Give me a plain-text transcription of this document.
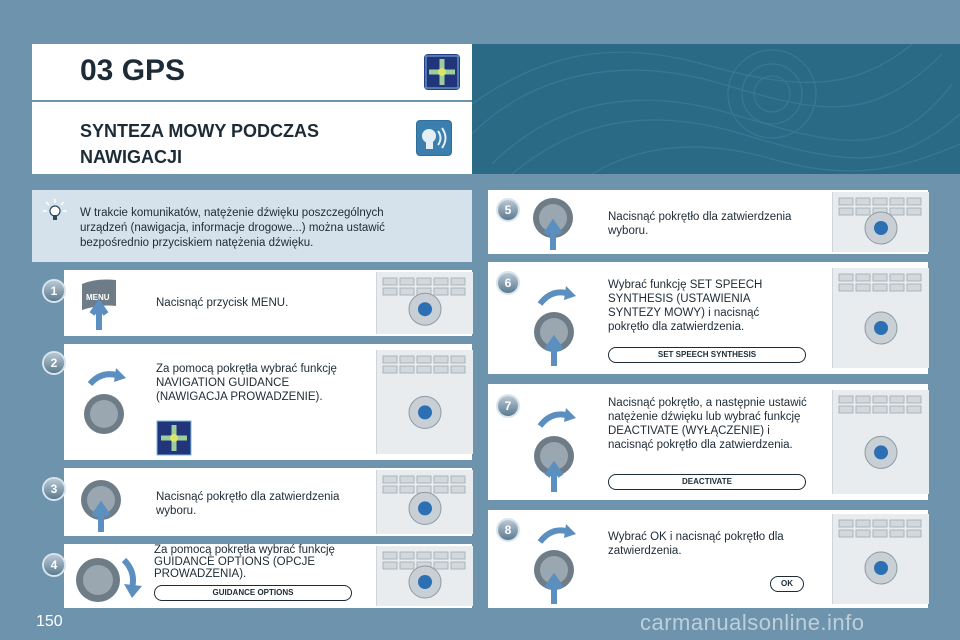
03 GPS
SYNTEZA MOWY PODCZAS NAWIGACJI
W trakcie komunikatów, natężenie dźwięku poszczególnych urządzeń (nawigacja, informacje drogowe...) można ustawić bezpośrednio przyciskiem natężenia dźwięku.
MENU	Nacisnąć przycisk MENU.
1
Za pomocą pokrętła wybrać funkcję NAVIGATION GUIDANCE (NAWIGACJA PROWADZENIE).
2
Nacisnąć pokrętło dla zatwierdzenia wyboru.
3
Za pomocą pokrętła wybrać funkcję GUIDANCE OPTIONS (OPCJE PROWADZENIA).
GUIDANCE OPTIONS
4
Nacisnąć pokrętło dla zatwierdzenia wyboru.
5
Wybrać funkcję SET SPEECH SYNTHESIS (USTAWIENIA SYNTEZY MOWY) i nacisnąć pokrętło dla zatwierdzenia.
SET SPEECH SYNTHESIS
6
Nacisnąć pokrętło, a następnie ustawić natężenie dźwięku lub wybrać funkcję DEACTIVATE (WYŁĄCZENIE) i nacisnąć pokrętło dla zatwierdzenia.
DEACTIVATE
7
Wybrać OK i nacisnąć pokrętło dla zatwierdzenia.
OK
8
150	carmanualsonline.info
